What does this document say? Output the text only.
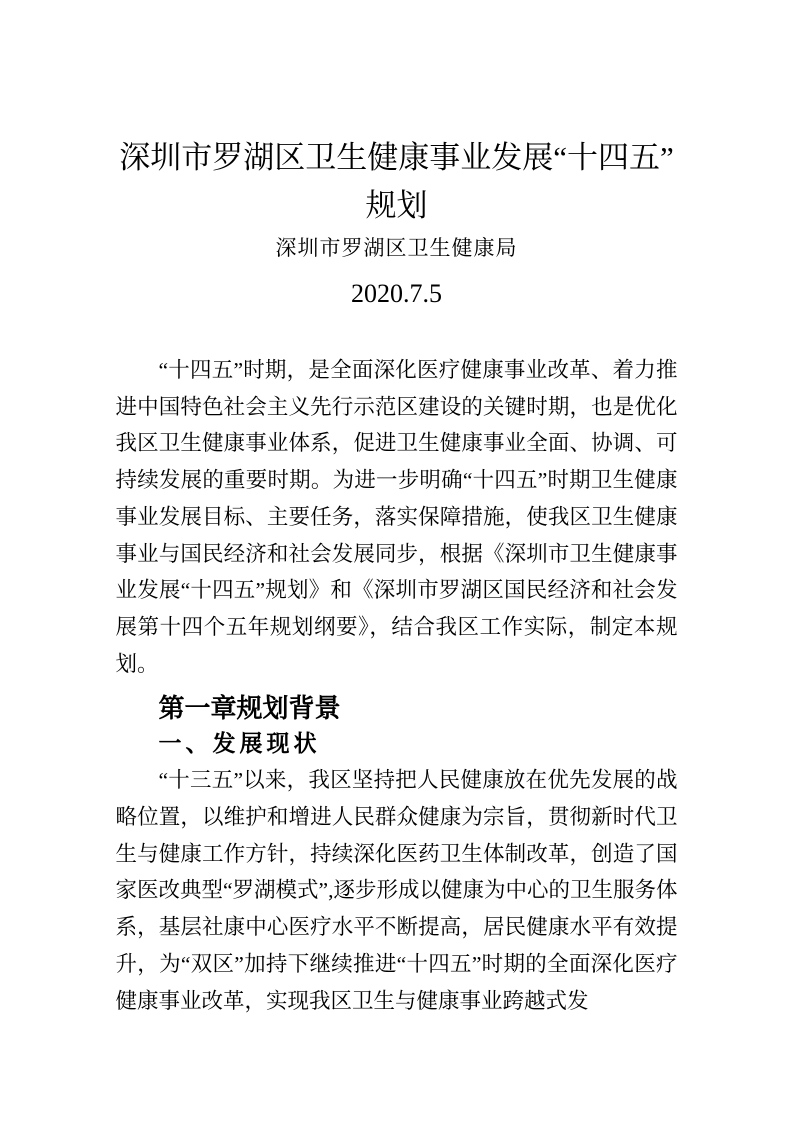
深圳市罗湖区卫生健康事业发展“十四五”
规划
深圳市罗湖区卫生健康局
2020.7.5

“十四五”时期，是全面深化医疗健康事业改革、着力推进中国特色社会主义先行示范区建设的关键时期，也是优化我区卫生健康事业体系，促进卫生健康事业全面、协调、可持续发展的重要时期。为进一步明确“十四五”时期卫生健康事业发展目标、主要任务，落实保障措施，使我区卫生健康事业与国民经济和社会发展同步，根据《深圳市卫生健康事业发展“十四五”规划》和《深圳市罗湖区国民经济和社会发展第十四个五年规划纲要》，结合我区工作实际，制定本规划。

第一章规划背景
一、发展现状

“十三五”以来，我区坚持把人民健康放在优先发展的战略位置，以维护和增进人民群众健康为宗旨，贯彻新时代卫生与健康工作方针，持续深化医药卫生体制改革，创造了国家医改典型“罗湖模式”,逐步形成以健康为中心的卫生服务体系，基层社康中心医疗水平不断提高，居民健康水平有效提升，为“双区”加持下继续推进“十四五”时期的全面深化医疗健康事业改革，实现我区卫生与健康事业跨越式发
